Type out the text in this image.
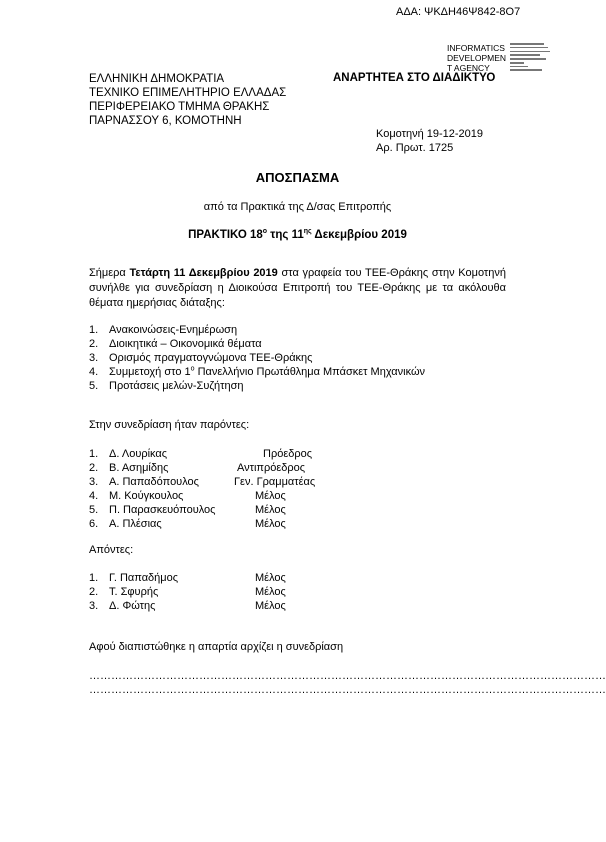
ΑΔΑ: ΨΚΔΗ46Ψ842-8Ο7
INFORMATICS DEVELOPMEN T AGENCY
ΕΛΛΗΝΙΚΗ ΔΗΜΟΚΡΑΤΙΑ
ΤΕΧΝΙΚΟ ΕΠΙΜΕΛΗΤΗΡΙΟ ΕΛΛΑΔΑΣ
ΠΕΡΙΦΕΡΕΙΑΚΟ ΤΜΗΜΑ ΘΡΑΚΗΣ
ΠΑΡΝΑΣΣΟΥ 6, ΚΟΜΟΤΗΝΗ
ΑΝΑΡΤΗΤΕΑ ΣΤΟ ΔΙΑΔΙΚΤΥΟ
Κομοτηνή 19-12-2019
Αρ. Πρωτ. 1725
ΑΠΟΣΠΑΣΜΑ
από τα Πρακτικά της Δ/σας Επιτροπής
ΠΡΑΚΤΙΚΟ $18^o$ της $11^{\eta\varsigma}$ Δεκεμβρίου 2019
Σήμερα Τετάρτη 11 Δεκεμβρίου 2019 στα γραφεία του ΤΕΕ-Θράκης στην Κομοτηνή συνήλθε για συνεδρίαση η Διοικούσα Επιτροπή του ΤΕΕ-Θράκης με τα ακόλουθα θέματα ημερήσιας διάταξης:
1. Ανακοινώσεις-Ενημέρωση
2. Διοικητικά – Οικονομικά θέματα
3. Ορισμός πραγματογνώμονα ΤΕΕ-Θράκης
4. Συμμετοχή στο $1^o$ Πανελλήνιο Πρωτάθλημα Μπάσκετ Μηχανικών
5. Προτάσεις μελών-Συζήτηση
Στην συνεδρίαση ήταν παρόντες:
1. Δ. Λουρίκας	Πρόεδρος
2. Β. Ασημίδης	Αντιπρόεδρος
3. Α. Παπαδόπουλος	Γεν. Γραμματέας
4. Μ. Κούγκουλος	Μέλος
5. Π. Παρασκευόπουλος	Μέλος
6. Α. Πλέσιας	Μέλος
Απόντες:
1. Γ. Παπαδήμος	Μέλος
2. Τ. Σφυρής	Μέλος
3. Δ. Φώτης	Μέλος
Αφού διαπιστώθηκε η απαρτία αρχίζει η συνεδρίαση
……………………………………………………………………………………………………………………………
……………………………………………………………………………………………………………………………
